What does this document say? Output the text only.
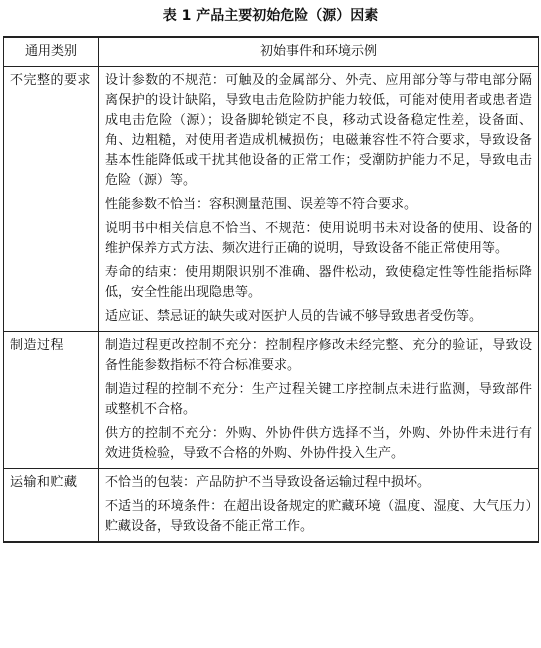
表 1 产品主要初始危险（源）因素
通用类别	初始事件和环境示例
不完整的要求	设计参数的不规范：可触及的金属部分、外壳、应用部分等与带电部分隔离保护的设计缺陷，导致电击危险防护能力较低，可能对使用者或患者造成电击危险（源）；设备脚轮锁定不良，移动式设备稳定性差，设备面、角、边粗糙，对使用者造成机械损伤；电磁兼容性不符合要求，导致设备基本性能降低或干扰其他设备的正常工作；受潮防护能力不足，导致电击危险（源）等。
性能参数不恰当：容积测量范围、误差等不符合要求。
说明书中相关信息不恰当、不规范：使用说明书未对设备的使用、设备的维护保养方式方法、频次进行正确的说明，导致设备不能正常使用等。
寿命的结束：使用期限识别不准确、器件松动，致使稳定性等性能指标降低，安全性能出现隐患等。
适应证、禁忌证的缺失或对医护人员的告诫不够导致患者受伤等。

制造过程	制造过程更改控制不充分：控制程序修改未经完整、充分的验证，导致设备性能参数指标不符合标准要求。
制造过程的控制不充分：生产过程关键工序控制点未进行监测，导致部件或整机不合格。
供方的控制不充分：外购、外协件供方选择不当，外购、外协件未进行有效进货检验，导致不合格的外购、外协件投入生产。

运输和贮藏	不恰当的包装：产品防护不当导致设备运输过程中损坏。
不适当的环境条件：在超出设备规定的贮藏环境（温度、湿度、大气压力）贮藏设备，导致设备不能正常工作。
